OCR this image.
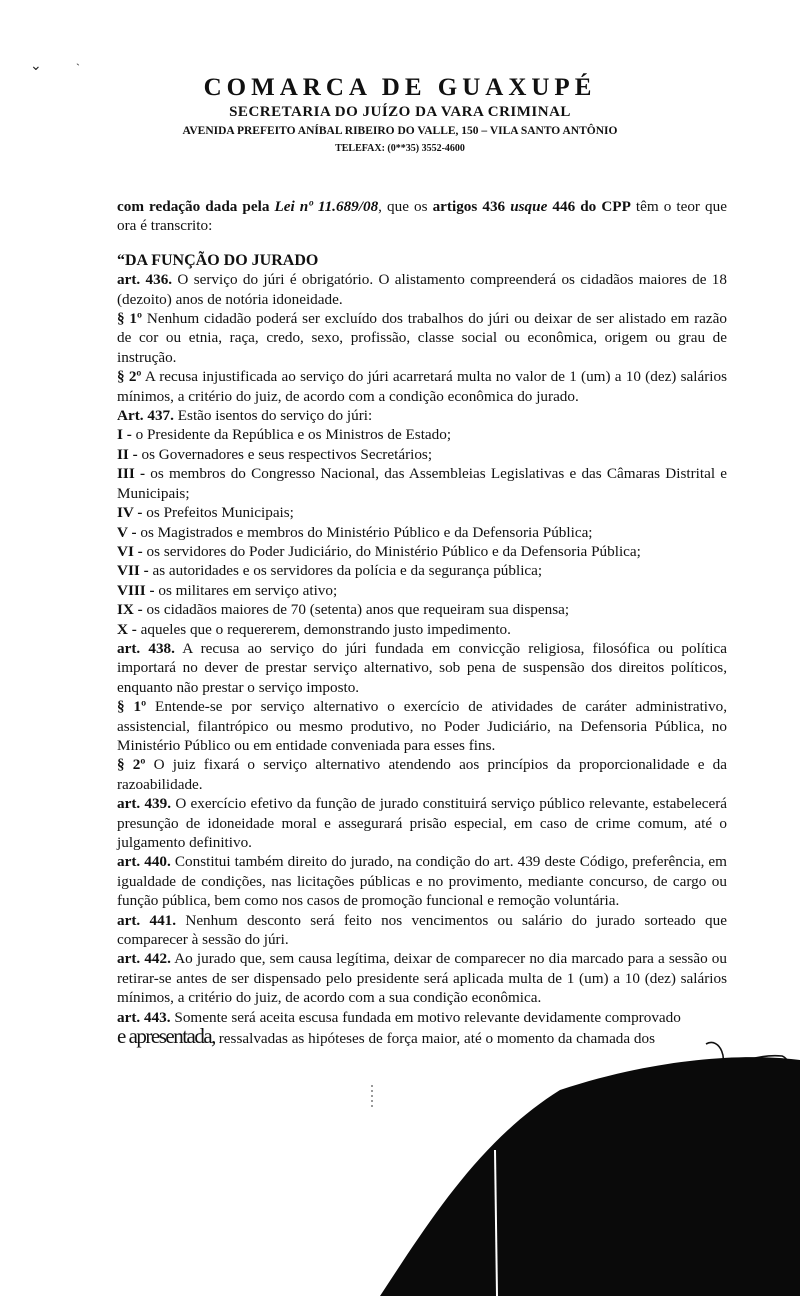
⌄	ˎ
COMARCA DE GUAXUPÉ
SECRETARIA DO JUÍZO DA VARA CRIMINAL
AVENIDA PREFEITO ANÍBAL RIBEIRO DO VALLE, 150 – VILA SANTO ANTÔNIO
TELEFAX: (0**35) 3552-4600

com redação dada pela Lei nº 11.689/08, que os artigos 436 usque 446 do CPP têm o teor que ora é transcrito:

“DA FUNÇÃO DO JURADO

art. 436. O serviço do júri é obrigatório. O alistamento compreenderá os cidadãos maiores de 18 (dezoito) anos de notória idoneidade.

§ 1º Nenhum cidadão poderá ser excluído dos trabalhos do júri ou deixar de ser alistado em razão de cor ou etnia, raça, credo, sexo, profissão, classe social ou econômica, origem ou grau de instrução.

§ 2º A recusa injustificada ao serviço do júri acarretará multa no valor de 1 (um) a 10 (dez) salários mínimos, a critério do juiz, de acordo com a condição econômica do jurado.

Art. 437. Estão isentos do serviço do júri:

I - o Presidente da República e os Ministros de Estado;

II - os Governadores e seus respectivos Secretários;

III - os membros do Congresso Nacional, das Assembleias Legislativas e das Câmaras Distrital e Municipais;

IV - os Prefeitos Municipais;

V - os Magistrados e membros do Ministério Público e da Defensoria Pública;

VI - os servidores do Poder Judiciário, do Ministério Público e da Defensoria Pública;

VII - as autoridades e os servidores da polícia e da segurança pública;

VIII - os militares em serviço ativo;

IX - os cidadãos maiores de 70 (setenta) anos que requeiram sua dispensa;

X - aqueles que o requererem, demonstrando justo impedimento.

art. 438. A recusa ao serviço do júri fundada em convicção religiosa, filosófica ou política importará no dever de prestar serviço alternativo, sob pena de suspensão dos direitos políticos, enquanto não prestar o serviço imposto.

§ 1º Entende-se por serviço alternativo o exercício de atividades de caráter administrativo, assistencial, filantrópico ou mesmo produtivo, no Poder Judiciário, na Defensoria Pública, no Ministério Público ou em entidade conveniada para esses fins.

§ 2º O juiz fixará o serviço alternativo atendendo aos princípios da proporcionalidade e da razoabilidade.

art. 439. O exercício efetivo da função de jurado constituirá serviço público relevante, estabelecerá presunção de idoneidade moral e assegurará prisão especial, em caso de crime comum, até o julgamento definitivo.

art. 440. Constitui também direito do jurado, na condição do art. 439 deste Código, preferência, em igualdade de condições, nas licitações públicas e no provimento, mediante concurso, de cargo ou função pública, bem como nos casos de promoção funcional e remoção voluntária.

art. 441. Nenhum desconto será feito nos vencimentos ou salário do jurado sorteado que comparecer à sessão do júri.

art. 442. Ao jurado que, sem causa legítima, deixar de comparecer no dia marcado para a sessão ou retirar-se antes de ser dispensado pelo presidente será aplicada multa de 1 (um) a 10 (dez) salários mínimos, a critério do juiz, de acordo com a sua condição econômica.

art. 443. Somente será aceita escusa fundada em motivo relevante devidamente comprovado

e apresentada, ressalvadas as hipóteses de força maior, até o momento da chamada dos
